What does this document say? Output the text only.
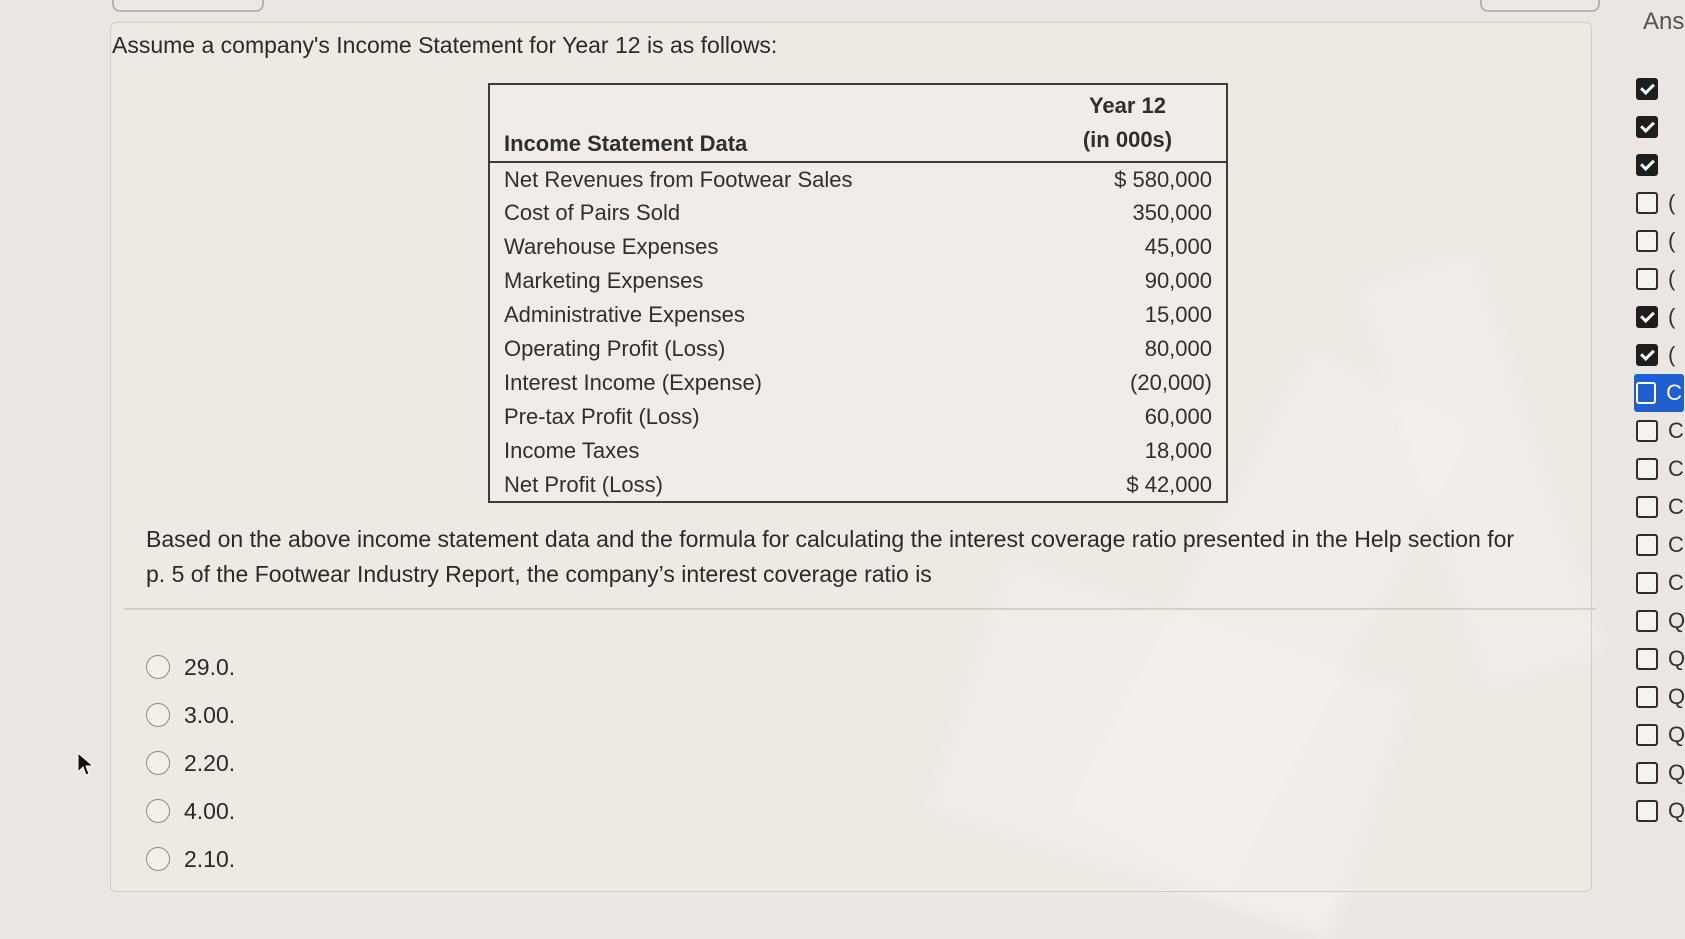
Assume a company's Income Statement for Year 12 is as follows:
Income Statement Data	Year 12
(in 000s)

Net Revenues from Footwear Sales	$ 580,000
Cost of Pairs Sold	350,000
Warehouse Expenses	45,000
Marketing Expenses	90,000
Administrative Expenses	15,000
Operating Profit (Loss)	80,000
Interest Income (Expense)	(20,000)
Pre-tax Profit (Loss)	60,000
Income Taxes	18,000
Net Profit (Loss)	$ 42,000
Based on the above income statement data and the formula for calculating the interest coverage ratio presented in the Help section for p. 5 of the Footwear Industry Report, the company’s interest coverage ratio is
29.0.
3.00.
2.20.
4.00.
2.10.
Ans
(
(
(
(
(
C
C
C
C
C
C
Q
Q
Q
Q
Q
Q
